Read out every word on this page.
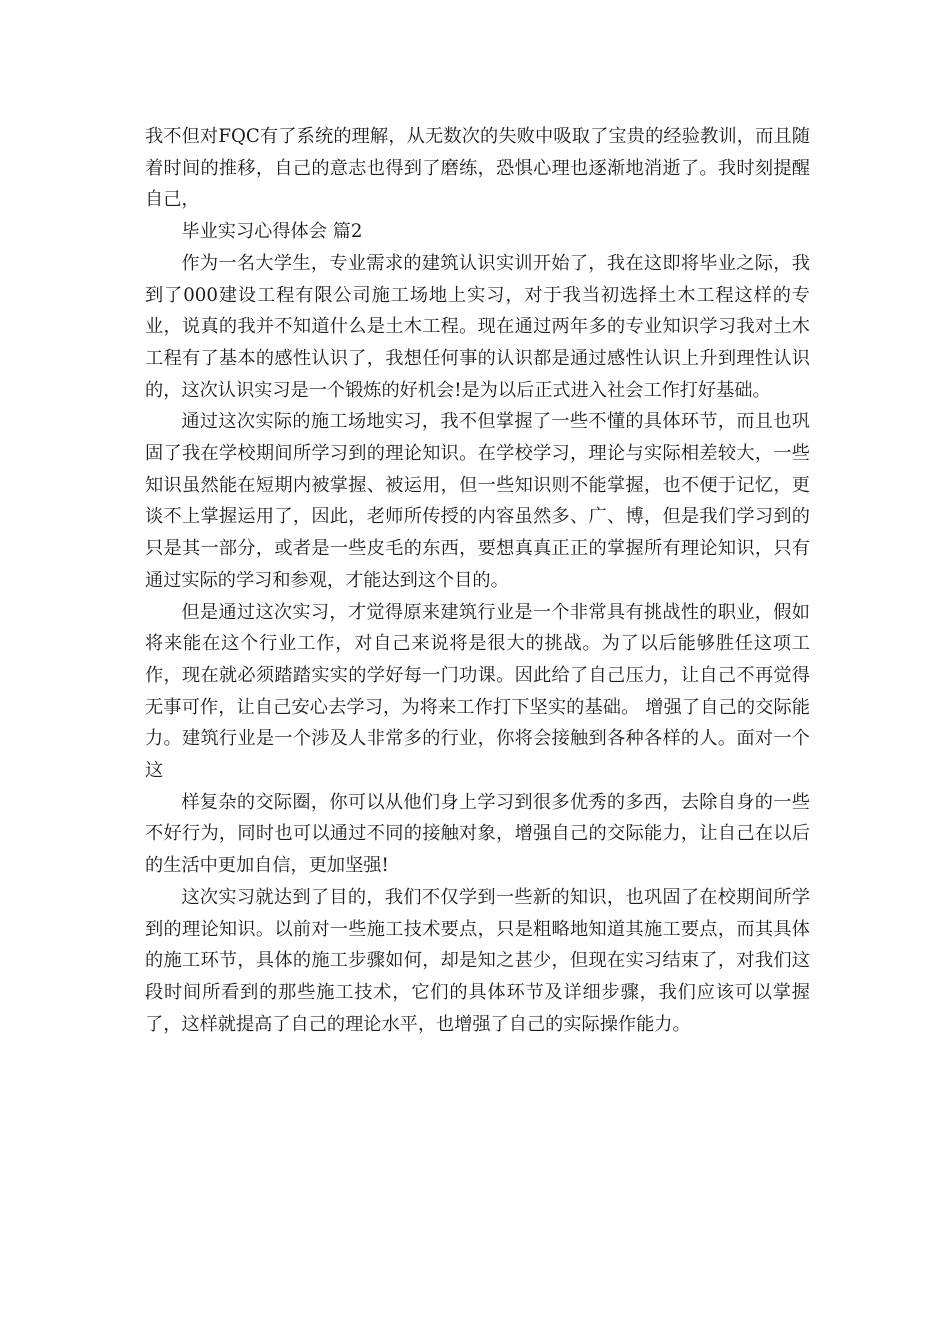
我不但对FQC有了系统的理解，从无数次的失败中吸取了宝贵的经验教训，而且随着时间的推移，自己的意志也得到了磨练，恐惧心理也逐渐地消逝了。我时刻提醒自己，

毕业实习心得体会 篇2

作为一名大学生，专业需求的建筑认识实训开始了，我在这即将毕业之际，我到了000建设工程有限公司施工场地上实习，对于我当初选择土木工程这样的专业，说真的我并不知道什么是土木工程。现在通过两年多的专业知识学习我对土木工程有了基本的感性认识了，我想任何事的认识都是通过感性认识上升到理性认识的，这次认识实习是一个锻炼的好机会!是为以后正式进入社会工作打好基础。

通过这次实际的施工场地实习，我不但掌握了一些不懂的具体环节，而且也巩固了我在学校期间所学习到的理论知识。在学校学习，理论与实际相差较大，一些知识虽然能在短期内被掌握、被运用，但一些知识则不能掌握，也不便于记忆，更谈不上掌握运用了，因此，老师所传授的内容虽然多、广、博，但是我们学习到的只是其一部分，或者是一些皮毛的东西，要想真真正正的掌握所有理论知识，只有通过实际的学习和参观，才能达到这个目的。

但是通过这次实习，才觉得原来建筑行业是一个非常具有挑战性的职业，假如将来能在这个行业工作，对自己来说将是很大的挑战。为了以后能够胜任这项工作，现在就必须踏踏实实的学好每一门功课。因此给了自己压力，让自己不再觉得无事可作，让自己安心去学习，为将来工作打下坚实的基础。 增强了自己的交际能力。建筑行业是一个涉及人非常多的行业，你将会接触到各种各样的人。面对一个这

样复杂的交际圈，你可以从他们身上学习到很多优秀的多西，去除自身的一些不好行为，同时也可以通过不同的接触对象，增强自己的交际能力，让自己在以后的生活中更加自信，更加坚强!

这次实习就达到了目的，我们不仅学到一些新的知识，也巩固了在校期间所学到的理论知识。以前对一些施工技术要点，只是粗略地知道其施工要点，而其具体的施工环节，具体的施工步骤如何，却是知之甚少，但现在实习结束了，对我们这段时间所看到的那些施工技术，它们的具体环节及详细步骤，我们应该可以掌握了，这样就提高了自己的理论水平，也增强了自己的实际操作能力。
